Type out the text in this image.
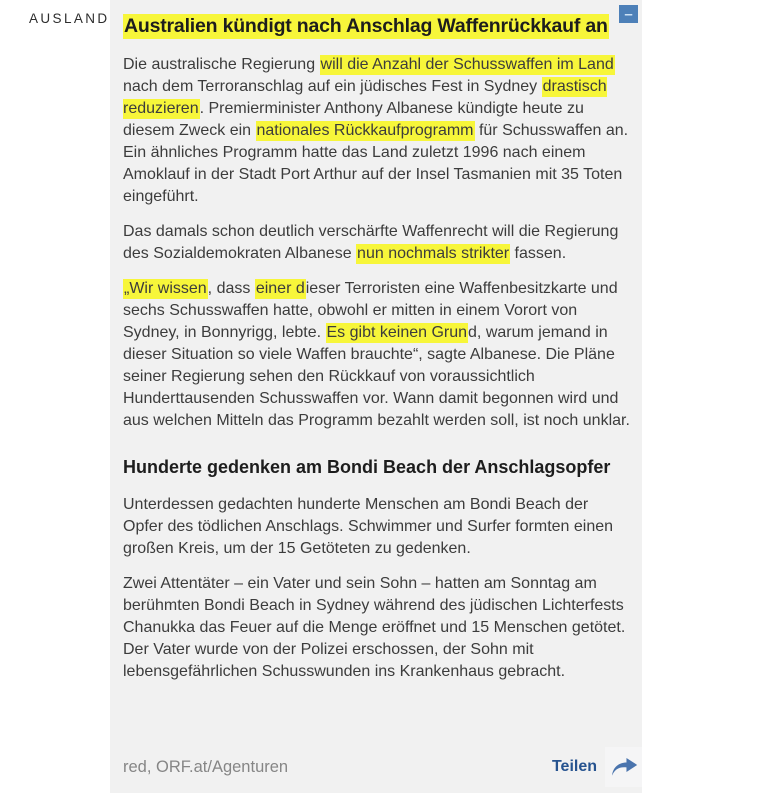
AUSLAND	–
Australien kündigt nach Anschlag Waffenrückkauf an

Die australische Regierung will die Anzahl der Schusswaffen im Land nach dem Terroranschlag auf ein jüdisches Fest in Sydney drastisch reduzieren. Premierminister Anthony Albanese kündigte heute zu diesem Zweck ein nationales Rückkaufprogramm für Schusswaffen an. Ein ähnliches Programm hatte das Land zuletzt 1996 nach einem Amoklauf in der Stadt Port Arthur auf der Insel Tasmanien mit 35 Toten eingeführt.

Das damals schon deutlich verschärfte Waffenrecht will die Regierung des Sozialdemokraten Albanese nun nochmals strikter fassen.

„Wir wissen, dass einer dieser Terroristen eine Waffenbesitzkarte und sechs Schusswaffen hatte, obwohl er mitten in einem Vorort von Sydney, in Bonnyrigg, lebte. Es gibt keinen Grund, warum jemand in dieser Situation so viele Waffen brauchte“, sagte Albanese. Die Pläne seiner Regierung sehen den Rückkauf von voraussichtlich Hunderttausenden Schusswaffen vor. Wann damit begonnen wird und aus welchen Mitteln das Programm bezahlt werden soll, ist noch unklar.

Hunderte gedenken am Bondi Beach der Anschlagsopfer

Unterdessen gedachten hunderte Menschen am Bondi Beach der Opfer des tödlichen Anschlags. Schwimmer und Surfer formten einen großen Kreis, um der 15 Getöteten zu gedenken.

Zwei Attentäter – ein Vater und sein Sohn – hatten am Sonntag am berühmten Bondi Beach in Sydney während des jüdischen Lichterfests Chanukka das Feuer auf die Menge eröffnet und 15 Menschen getötet. Der Vater wurde von der Polizei erschossen, der Sohn mit lebensgefährlichen Schusswunden ins Krankenhaus gebracht.

red, ORF.at/Agenturen	Teilen
